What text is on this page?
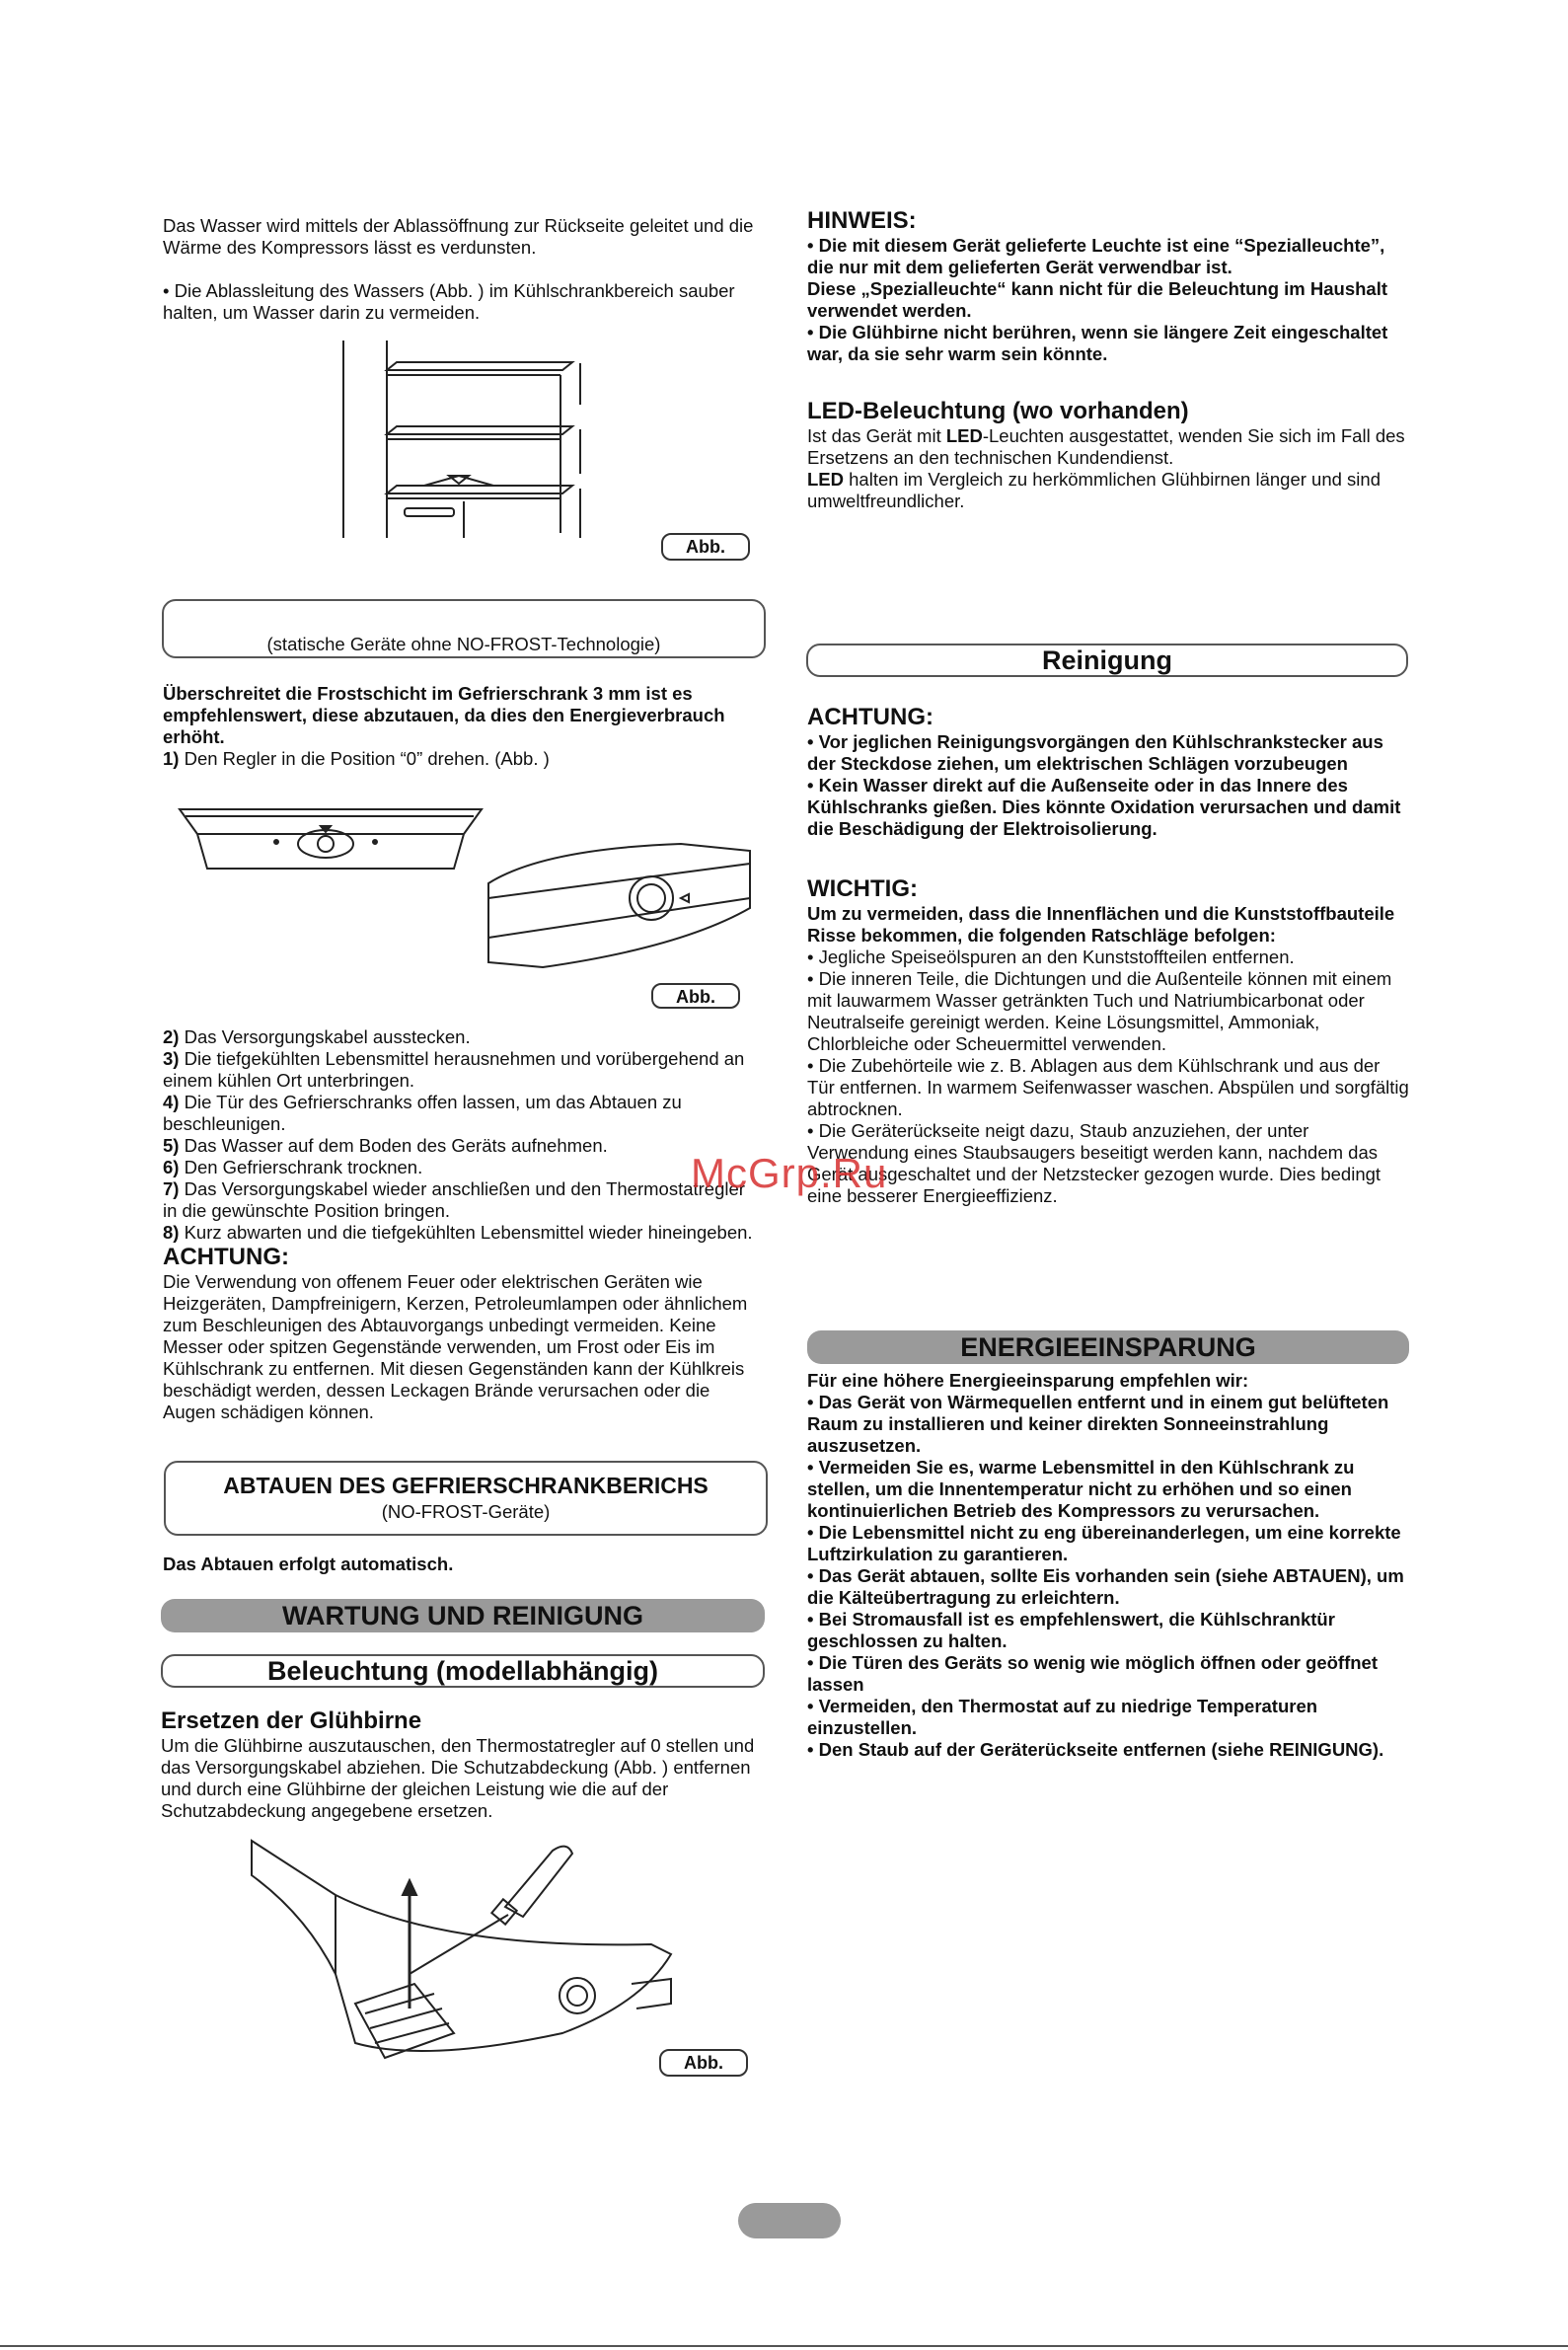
Das Wasser wird mittels der Ablassöffnung zur Rückseite geleitet und die Wärme des Kompressors lässt es verdunsten.

• Die Ablassleitung des Wassers (Abb. ) im Kühlschrankbereich sauber halten, um Wasser darin zu vermeiden.

Abb.
(statische Geräte ohne NO-FROST-Technologie)

Überschreitet die Frostschicht im Gefrierschrank 3 mm ist es empfehlenswert, diese abzutauen, da dies den Energieverbrauch erhöht.

1) Den Regler in die Position “0” drehen. (Abb. )

Abb.

2) Das Versorgungskabel ausstecken.

3) Die tiefgekühlten Lebensmittel herausnehmen und vorübergehend an einem kühlen Ort unterbringen.

4) Die Tür des Gefrierschranks offen lassen, um das Abtauen zu beschleunigen.

5) Das Wasser auf dem Boden des Geräts aufnehmen.

6) Den Gefrierschrank trocknen.

7) Das Versorgungskabel wieder anschließen und den Thermostatregler in die gewünschte Position bringen.

8) Kurz abwarten und die tiefgekühlten Lebensmittel wieder hineingeben.

ACHTUNG:

Die Verwendung von offenem Feuer oder elektrischen Geräten wie Heizgeräten, Dampfreinigern, Kerzen, Petroleumlampen oder ähnlichem zum Beschleunigen des Abtauvorgangs unbedingt vermeiden. Keine Messer oder spitzen Gegenstände verwenden, um Frost oder Eis im Kühlschrank zu entfernen. Mit diesen Gegenständen kann der Kühlkreis beschädigt werden, dessen Leckagen Brände verursachen oder die Augen schädigen können.

ABTAUEN DES GEFRIERSCHRANKBERICHS
(NO-FROST-Geräte)
Das Abtauen erfolgt automatisch.
WARTUNG UND REINIGUNG
Beleuchtung (modellabhängig)

Ersetzen der Glühbirne

Um die Glühbirne auszutauschen, den Thermostatregler auf 0 stellen und das Versorgungskabel abziehen. Die Schutzabdeckung (Abb. ) entfernen und durch eine Glühbirne der gleichen Leistung wie die auf der Schutzabdeckung angegebene ersetzen.

Abb.

HINWEIS:

• Die mit diesem Gerät gelieferte Leuchte ist eine “Spezialleuchte”, die nur mit dem gelieferten Gerät verwendbar ist.

Diese „Spezialleuchte“ kann nicht für die Beleuchtung im Haushalt verwendet werden.

• Die Glühbirne nicht berühren, wenn sie längere Zeit eingeschaltet war, da sie sehr warm sein könnte.

LED-Beleuchtung (wo vorhanden)

Ist das Gerät mit LED-Leuchten ausgestattet, wenden Sie sich im Fall des Ersetzens an den technischen Kundendienst.

LED halten im Vergleich zu herkömmlichen Glühbirnen länger und sind umweltfreundlicher.

Reinigung

ACHTUNG:

• Vor jeglichen Reinigungsvorgängen den Kühlschrankstecker aus der Steckdose ziehen, um elektrischen Schlägen vorzubeugen

• Kein Wasser direkt auf die Außenseite oder in das Innere des Kühlschranks gießen. Dies könnte Oxidation verursachen und damit die Beschädigung der Elektroisolierung.

WICHTIG:

Um zu vermeiden, dass die Innenflächen und die Kunststoffbauteile Risse bekommen, die folgenden Ratschläge befolgen:

• Jegliche Speiseölspuren an den Kunststoffteilen entfernen.

• Die inneren Teile, die Dichtungen und die Außenteile können mit einem mit lauwarmem Wasser getränkten Tuch und Natriumbicarbonat oder Neutralseife gereinigt werden. Keine Lösungsmittel, Ammoniak, Chlorbleiche oder Scheuermittel verwenden.

• Die Zubehörteile wie z. B. Ablagen aus dem Kühlschrank und aus der Tür entfernen. In warmem Seifenwasser waschen. Abspülen und sorgfältig abtrocknen.

• Die Geräterückseite neigt dazu, Staub anzuziehen, der unter Verwendung eines Staubsaugers beseitigt werden kann, nachdem das Gerät ausgeschaltet und der Netzstecker gezogen wurde. Dies bedingt eine besserer Energieeffizienz.

ENERGIEEINSPARUNG

Für eine höhere Energieeinsparung empfehlen wir:

• Das Gerät von Wärmequellen entfernt und in einem gut belüfteten Raum zu installieren und keiner direkten Sonneeinstrahlung auszusetzen.

• Vermeiden Sie es, warme Lebensmittel in den Kühlschrank zu stellen, um die Innentemperatur nicht zu erhöhen und so einen kontinuierlichen Betrieb des Kompressors zu verursachen.

• Die Lebensmittel nicht zu eng übereinanderlegen, um eine korrekte Luftzirkulation zu garantieren.

• Das Gerät abtauen, sollte Eis vorhanden sein (siehe ABTAUEN), um die Kälteübertragung zu erleichtern.

• Bei Stromausfall ist es empfehlenswert, die Kühlschranktür geschlossen zu halten.

• Die Türen des Geräts so wenig wie möglich öffnen oder geöffnet lassen

• Vermeiden, den Thermostat auf zu niedrige Temperaturen einzustellen.

• Den Staub auf der Geräterückseite entfernen (siehe REINIGUNG).

McGrp.Ru
